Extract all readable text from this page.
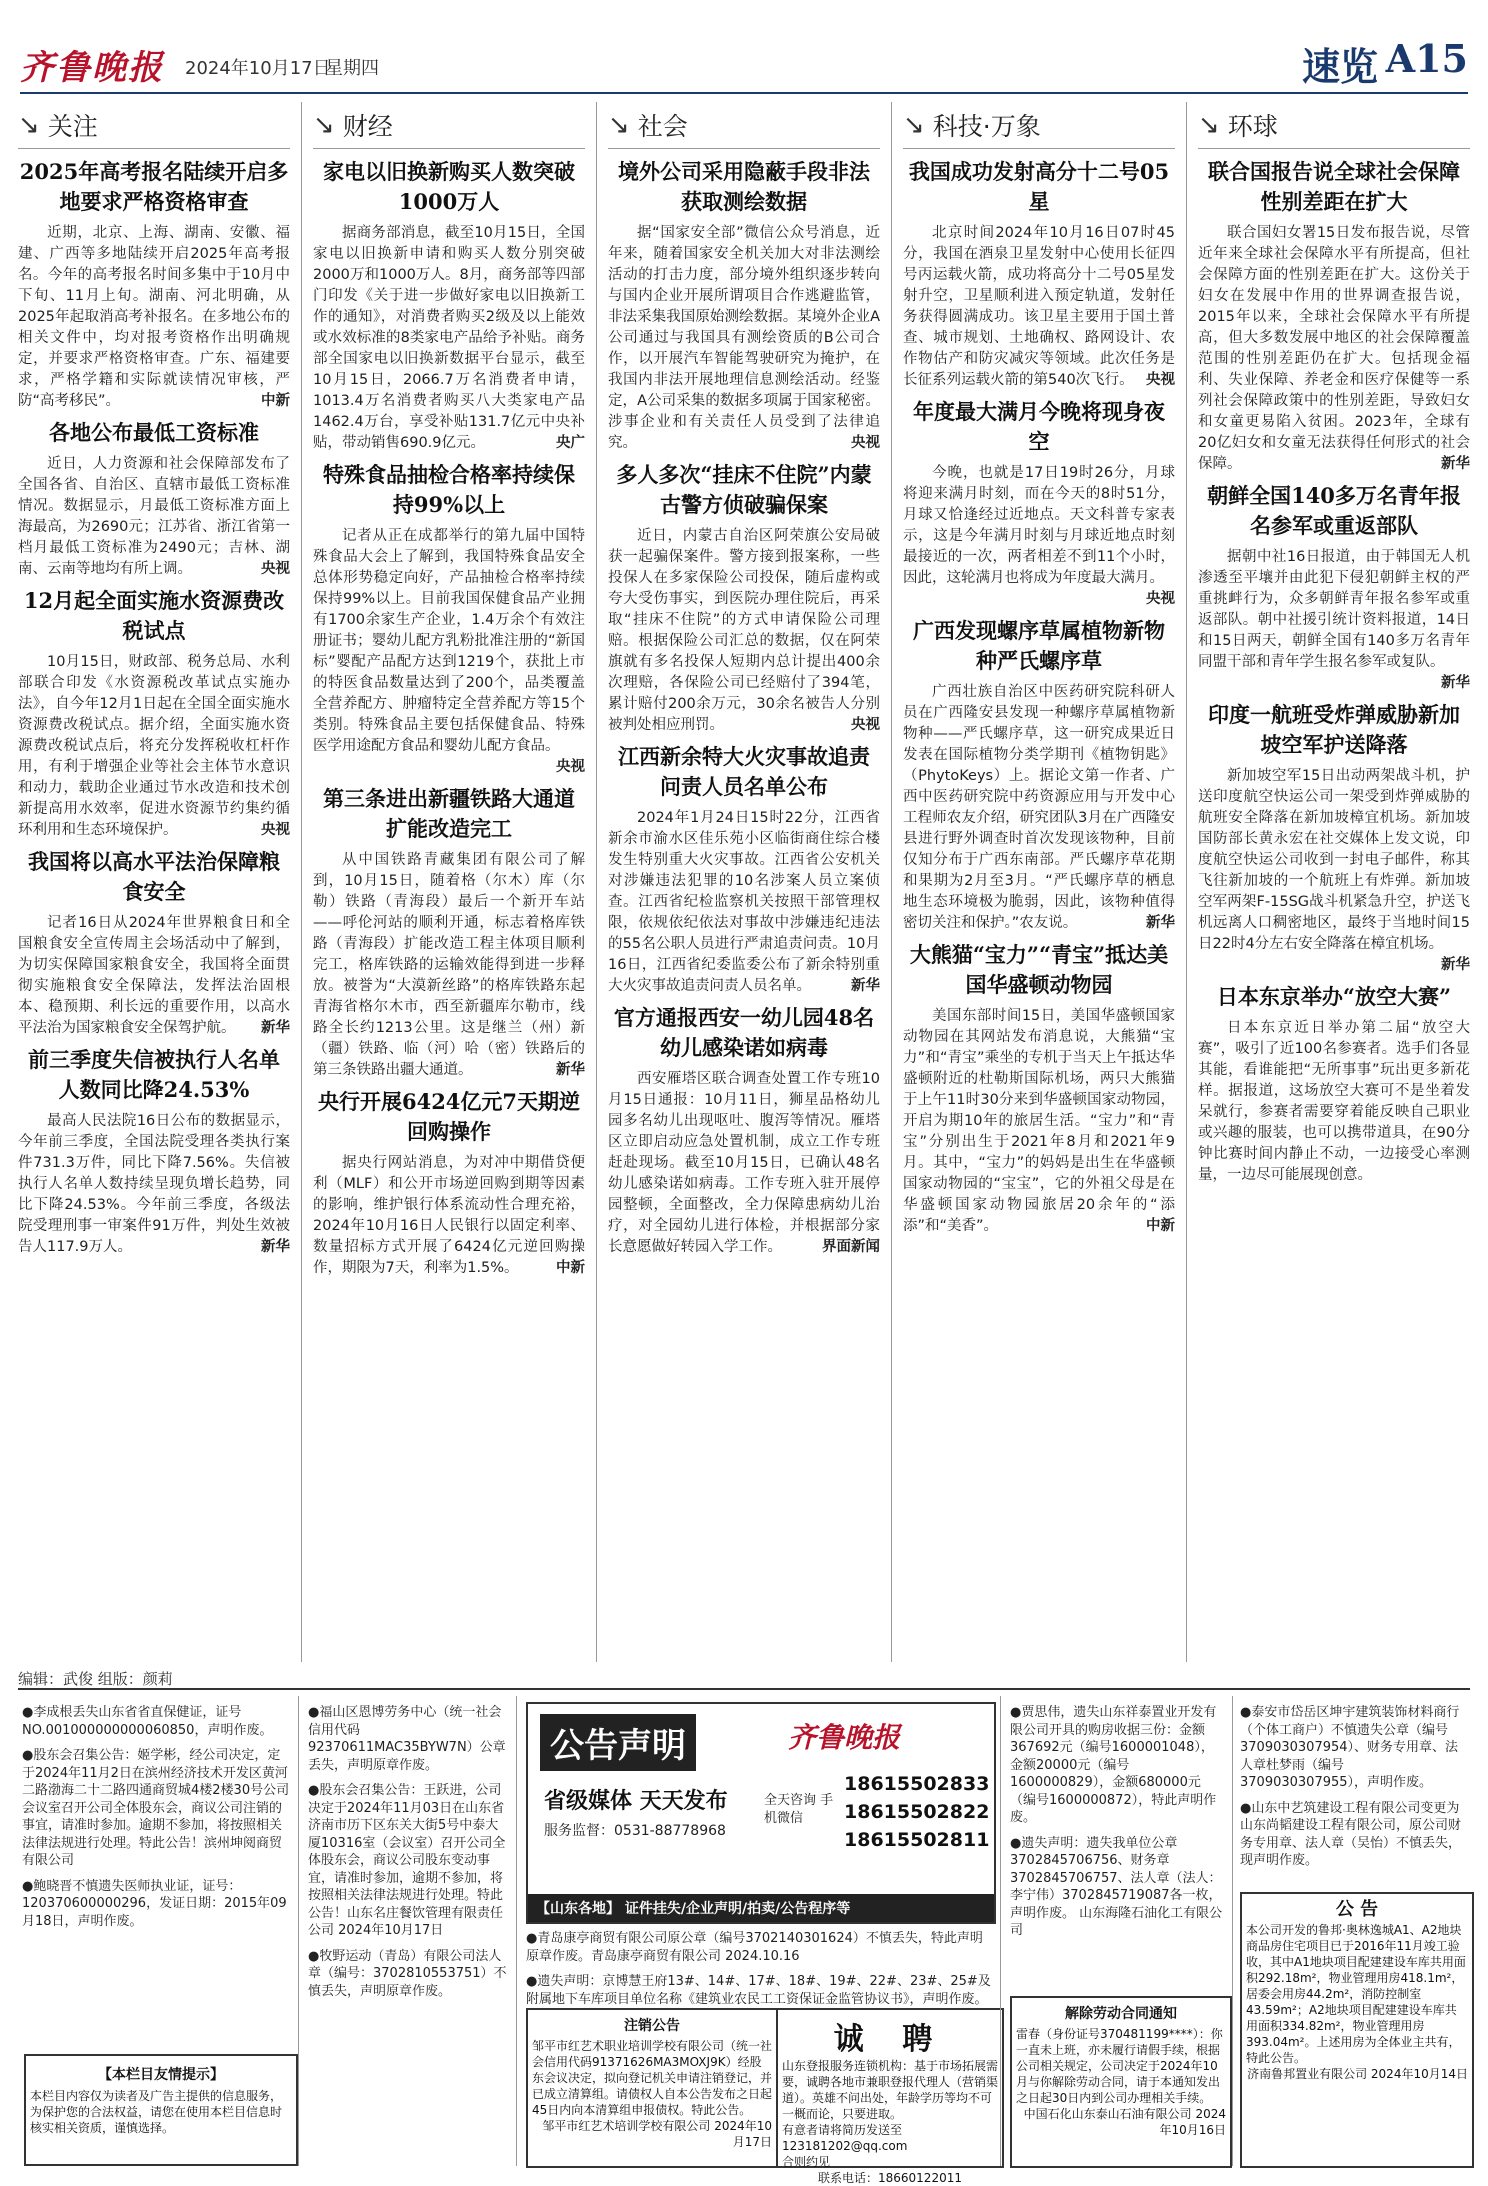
齐鲁晚报 2024年10月17日
星期四	速览 A15
↘ 关注
2025年高考报名陆续开启多地要求严格资格审查
近期，北京、上海、湖南、安徽、福建、广西等多地陆续开启2025年高考报名。今年的高考报名时间多集中于10月中下旬、11月上旬。湖南、河北明确，从2025年起取消高考补报名。在多地公布的相关文件中，均对报考资格作出明确规定，并要求严格资格审查。广东、福建要求，严格学籍和实际就读情况审核，严防“高考移民”。	中新
各地公布最低工资标准
近日，人力资源和社会保障部发布了全国各省、自治区、直辖市最低工资标准情况。数据显示，月最低工资标准方面上海最高，为2690元；江苏省、浙江省第一档月最低工资标准为2490元；吉林、湖南、云南等地均有所上调。	央视
12月起全面实施水资源费改税试点
10月15日，财政部、税务总局、水利部联合印发《水资源税改革试点实施办法》，自今年12月1日起在全国全面实施水资源费改税试点。据介绍，全面实施水资源费改税试点后，将充分发挥税收杠杆作用，有利于增强企业等社会主体节水意识和动力，载助企业通过节水改造和技术创新提高用水效率，促进水资源节约集约循环利用和生态环境保护。	央视
我国将以高水平法治保障粮食安全
记者16日从2024年世界粮食日和全国粮食安全宣传周主会场活动中了解到，为切实保障国家粮食安全，我国将全面贯彻实施粮食安全保障法，发挥法治固根本、稳预期、利长远的重要作用，以高水平法治为国家粮食安全保驾护航。 新华
前三季度失信被执行人名单人数同比降24.53%
最高人民法院16日公布的数据显示，今年前三季度，全国法院受理各类执行案件731.3万件，同比下降7.56%。失信被执行人名单人数持续呈现负增长趋势，同比下降24.53%。今年前三季度，各级法院受理刑事一审案件91万件，判处生效被告人117.9万人。	新华
↘ 财经
家电以旧换新购买人数突破1000万人
据商务部消息，截至10月15日，全国家电以旧换新申请和购买人数分别突破2000万和1000万人。8月，商务部等四部门印发《关于进一步做好家电以旧换新工作的通知》，对消费者购买2级及以上能效或水效标准的8类家电产品给予补贴。商务部全国家电以旧换新数据平台显示，截至10月15日，2066.7万名消费者申请，1013.4万名消费者购买八大类家电产品1462.4万台，享受补贴131.7亿元中央补贴，带动销售690.9亿元。	央广
特殊食品抽检合格率持续保持99%以上
记者从正在成都举行的第九届中国特殊食品大会上了解到，我国特殊食品安全总体形势稳定向好，产品抽检合格率持续保持99%以上。目前我国保健食品产业拥有1700余家生产企业，1.4万余个有效注册证书；婴幼儿配方乳粉批准注册的“新国标”婴配产品配方达到1219个，获批上市的特医食品数量达到了200个，品类覆盖全营养配方、肿瘤特定全营养配方等15个类别。特殊食品主要包括保健食品、特殊医学用途配方食品和婴幼儿配方食品。
央视
第三条进出新疆铁路大通道扩能改造完工
从中国铁路青藏集团有限公司了解到，10月15日，随着格（尔木）库（尔勒）铁路（青海段）最后一个新开车站——呼伦河站的顺利开通，标志着格库铁路（青海段）扩能改造工程主体项目顺利完工，格库铁路的运输效能得到进一步释放。被誉为“大漠新丝路”的格库铁路东起青海省格尔木市，西至新疆库尔勒市，线路全长约1213公里。这是继兰（州）新（疆）铁路、临（河）哈（密）铁路后的第三条铁路出疆大通道。	新华
央行开展6424亿元7天期逆回购操作
据央行网站消息，为对冲中期借贷便利（MLF）和公开市场逆回购到期等因素的影响，维护银行体系流动性合理充裕，2024年10月16日人民银行以固定利率、数量招标方式开展了6424亿元逆回购操作，期限为7天，利率为1.5%。	中新
↘ 社会
境外公司采用隐蔽手段非法获取测绘数据
据“国家安全部”微信公众号消息，近年来，随着国家安全机关加大对非法测绘活动的打击力度，部分境外组织逐步转向与国内企业开展所谓项目合作逃避监管，非法采集我国原始测绘数据。某境外企业A公司通过与我国具有测绘资质的B公司合作，以开展汽车智能驾驶研究为掩护，在我国内非法开展地理信息测绘活动。经鉴定，A公司采集的数据多项属于国家秘密。涉事企业和有关责任人员受到了法律追究。	央视
多人多次“挂床不住院”内蒙古警方侦破骗保案
近日，内蒙古自治区阿荣旗公安局破获一起骗保案件。警方接到报案称，一些投保人在多家保险公司投保，随后虚构或夸大受伤事实，到医院办理住院后，再采取“挂床不住院”的方式申请保险公司理赔。根据保险公司汇总的数据，仅在阿荣旗就有多名投保人短期内总计提出400余次理赔，各保险公司已经赔付了394笔，累计赔付200余万元，30余名被告人分别被判处相应刑罚。	央视
江西新余特大火灾事故追责问责人员名单公布
2024年1月24日15时22分，江西省新余市渝水区佳乐苑小区临街商住综合楼发生特别重大火灾事故。江西省公安机关对涉嫌违法犯罪的10名涉案人员立案侦查。江西省纪检监察机关按照干部管理权限，依规依纪依法对事故中涉嫌违纪违法的55名公职人员进行严肃追责问责。10月16日，江西省纪委监委公布了新余特别重大火灾事故追责问责人员名单。	新华
官方通报西安一幼儿园48名幼儿感染诺如病毒
西安雁塔区联合调查处置工作专班10月15日通报：10月11日，狮星品格幼儿园多名幼儿出现呕吐、腹泻等情况。雁塔区立即启动应急处置机制，成立工作专班赶赴现场。截至10月15日，已确认48名幼儿感染诺如病毒。工作专班入驻开展停园整顿，全面整改，全力保障患病幼儿治疗，对全园幼儿进行体检，并根据部分家长意愿做好转园入学工作。	界面新闻
↘ 科技·万象
我国成功发射高分十二号05星
北京时间2024年10月16日07时45分，我国在酒泉卫星发射中心使用长征四号丙运载火箭，成功将高分十二号05星发射升空，卫星顺利进入预定轨道，发射任务获得圆满成功。该卫星主要用于国土普查、城市规划、土地确权、路网设计、农作物估产和防灾减灾等领域。此次任务是长征系列运载火箭的第540次飞行。 央视
年度最大满月今晚将现身夜空
今晚，也就是17日19时26分，月球将迎来满月时刻，而在今天的8时51分，月球又恰逢经过近地点。天文科普专家表示，这是今年满月时刻与月球近地点时刻最接近的一次，两者相差不到11个小时，因此，这轮满月也将成为年度最大满月。
央视
广西发现螺序草属植物新物种严氏螺序草
广西壮族自治区中医药研究院科研人员在广西隆安县发现一种螺序草属植物新物种——严氏螺序草，这一研究成果近日发表在国际植物分类学期刊《植物钥匙》（PhytoKeys）上。据论文第一作者、广西中医药研究院中药资源应用与开发中心工程师农友介绍，研究团队3月在广西隆安县进行野外调查时首次发现该物种，目前仅知分布于广西东南部。严氏螺序草花期和果期为2月至3月。“严氏螺序草的栖息地生态环境极为脆弱，因此，该物种值得密切关注和保护。”农友说。	新华
大熊猫“宝力”“青宝”抵达美国华盛顿动物园
美国东部时间15日，美国华盛顿国家动物园在其网站发布消息说，大熊猫“宝力”和“青宝”乘坐的专机于当天上午抵达华盛顿附近的杜勒斯国际机场，两只大熊猫于上午11时30分来到华盛顿国家动物园，开启为期10年的旅居生活。“宝力”和“青宝”分别出生于2021年8月和2021年9月。其中，“宝力”的妈妈是出生在华盛顿国家动物园的“宝宝”，它的外祖父母是在华盛顿国家动物园旅居20余年的“添添”和“美香”。	中新
↘ 环球
联合国报告说全球社会保障性别差距在扩大
联合国妇女署15日发布报告说，尽管近年来全球社会保障水平有所提高，但社会保障方面的性别差距在扩大。这份关于妇女在发展中作用的世界调查报告说，2015年以来，全球社会保障水平有所提高，但大多数发展中地区的社会保障覆盖范围的性别差距仍在扩大。包括现金福利、失业保障、养老金和医疗保健等一系列社会保障政策中的性别差距，导致妇女和女童更易陷入贫困。2023年，全球有20亿妇女和女童无法获得任何形式的社会保障。	新华
朝鲜全国140多万名青年报名参军或重返部队
据朝中社16日报道，由于韩国无人机渗透至平壤并由此犯下侵犯朝鲜主权的严重挑衅行为，众多朝鲜青年报名参军或重返部队。朝中社援引统计资料报道，14日和15日两天，朝鲜全国有140多万名青年同盟干部和青年学生报名参军或复队。
新华
印度一航班受炸弹威胁新加坡空军护送降落
新加坡空军15日出动两架战斗机，护送印度航空快运公司一架受到炸弹威胁的航班安全降落在新加坡樟宜机场。新加坡国防部长黄永宏在社交媒体上发文说，印度航空快运公司收到一封电子邮件，称其飞往新加坡的一个航班上有炸弹。新加坡空军两架F-15SG战斗机紧急升空，护送飞机远离人口稠密地区，最终于当地时间15日22时4分左右安全降落在樟宜机场。
新华
日本东京举办“放空大赛”
日本东京近日举办第二届“放空大赛”，吸引了近100名参赛者。选手们各显其能，看谁能把“无所事事”玩出更多新花样。据报道，这场放空大赛可不是坐着发呆就行，参赛者需要穿着能反映自己职业或兴趣的服装，也可以携带道具，在90分钟比赛时间内静止不动，一边接受心率测量，一边尽可能展现创意。
编辑：武俊 组版：颜莉

●李成根丢失山东省省直保健证，证号NO.001000000000060850，声明作废。

●股东会召集公告：姬学彬，经公司决定，定于2024年11月2日在滨州经济技术开发区黄河二路渤海二十二路四通商贸城4楼2楼30号公司会议室召开公司全体股东会，商议公司注销的事宜，请准时参加。逾期不参加，将按照相关法律法规进行处理。特此公告！滨州坤阅商贸有限公司

●鲍晓晋不慎遗失医师执业证，证号：120370600000296，发证日期：2015年09月18日，声明作废。

【本栏目友情提示】
本栏目内容仅为读者及广告主提供的信息服务，为保护您的合法权益，请您在使用本栏目信息时核实相关资质，谨慎选择。

●福山区恩博劳务中心（统一社会信用代码92370611MAC35BYW7N）公章丢失，声明原章作废。

●股东会召集公告：王跃进，公司决定于2024年11月03日在山东省济南市历下区东关大街5号中泰大厦10316室（会议室）召开公司全体股东会，商议公司股东变动事宜，请准时参加，逾期不参加，将按照相关法律法规进行处理。特此公告！山东名庄餐饮管理有限责任公司 2024年10月17日

●牧野运动（青岛）有限公司法人章（编号：3702810553751）不慎丢失，声明原章作废。

公告声明	齐鲁晚报
省级媒体 天天发布
服务监督：0531-88778968
全天咨询 手机微信
18615502833
18615502822
18615502811
【山东各地】 证件挂失/企业声明/拍卖/公告程序等

●青岛康亭商贸有限公司原公章（编号3702140301624）不慎丢失，特此声明原章作废。青岛康亭商贸有限公司 2024.10.16

●遗失声明：京博慧王府13#、14#、17#、18#、19#、22#、23#、25#及附属地下车库项目单位名称《建筑业农民工工资保证金监管协议书》，声明作废。

注销公告
邹平市红艺术职业培训学校有限公司（统一社会信用代码91371626MA3MOXJ9K）经股东会议决定，拟向登记机关申请注销登记，并已成立清算组。请债权人自本公告发布之日起45日内向本清算组申报债权。特此公告。
邹平市红艺术培训学校有限公司 2024年10月17日
诚 聘
山东登报服务连锁机构：基于市场拓展需要，诚聘各地市兼职登报代理人（营销渠道）。英雄不问出处，年龄学历等均不可一概而论，只要进取。
有意者请将简历发送至123181202@qq.com
合则约见
联系电话：18660122011

●贾思伟，遗失山东祥泰置业开发有限公司开具的购房收据三份：金额367692元（编号1600001048），金额20000元（编号1600000829），金额680000元（编号1600000872），特此声明作废。

●遗失声明：遗失我单位公章3702845706756、财务章3702845706757、法人章（法人：李宁伟）3702845719087各一枚，声明作废。 山东海隆石油化工有限公司

解除劳动合同通知
雷春（身份证号370481199****）：你一直未上班，亦未履行请假手续，根据公司相关规定，公司决定于2024年10月与你解除劳动合同，请于本通知发出之日起30日内到公司办理相关手续。
中国石化山东泰山石油有限公司 2024年10月16日

●泰安市岱岳区坤宇建筑装饰材料商行（个体工商户）不慎遗失公章（编号3709030307954）、财务专用章、法人章杜梦雨（编号3709030307955），声明作废。

●山东中艺筑建设工程有限公司变更为山东尚韬建设工程有限公司，原公司财务专用章、法人章（吴怡）不慎丢失，现声明作废。

公 告
本公司开发的鲁邦·奥林逸城A1、A2地块商品房住宅项目已于2016年11月竣工验收，其中A1地块项目配建建设车库共用面积292.18m²，物业管理用房418.1m²，居委会用房44.2m²，消防控制室43.59m²；A2地块项目配建建设车库共用面积334.82m²，物业管理用房393.04m²。上述用房为全体业主共有，特此公告。
济南鲁邦置业有限公司 2024年10月14日
